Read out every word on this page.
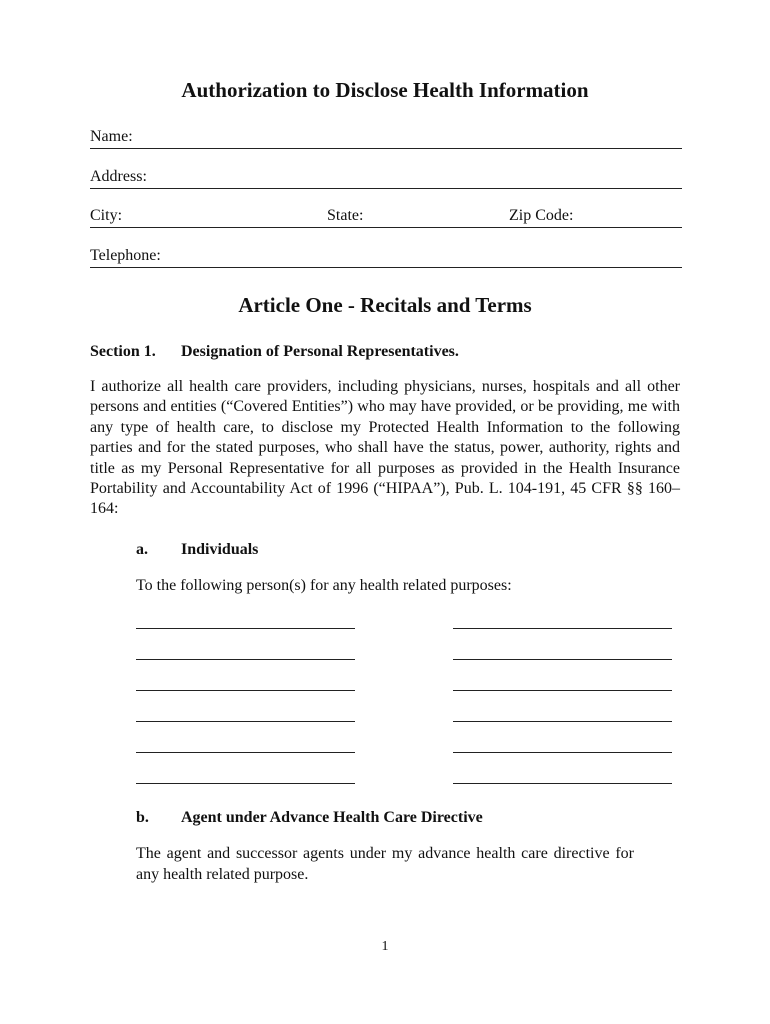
Authorization to Disclose Health Information
Name:
Address:
City:	State:	Zip Code:
Telephone:
Article One - Recitals and Terms
Section 1. Designation of Personal Representatives.
I authorize all health care providers, including physicians, nurses, hospitals and all other persons and entities (“Covered Entities”) who may have provided, or be providing, me with any type of health care, to disclose my Protected Health Information to the following parties and for the stated purposes, who shall have the status, power, authority, rights and title as my Personal Representative for all purposes as provided in the Health Insurance Portability and Accountability Act of 1996 (“HIPAA”), Pub. L. 104-191, 45 CFR §§ 160–164:
a. Individuals
To the following person(s) for any health related purposes:
b. Agent under Advance Health Care Directive
The agent and successor agents under my advance health care directive for any health related purpose.
1
